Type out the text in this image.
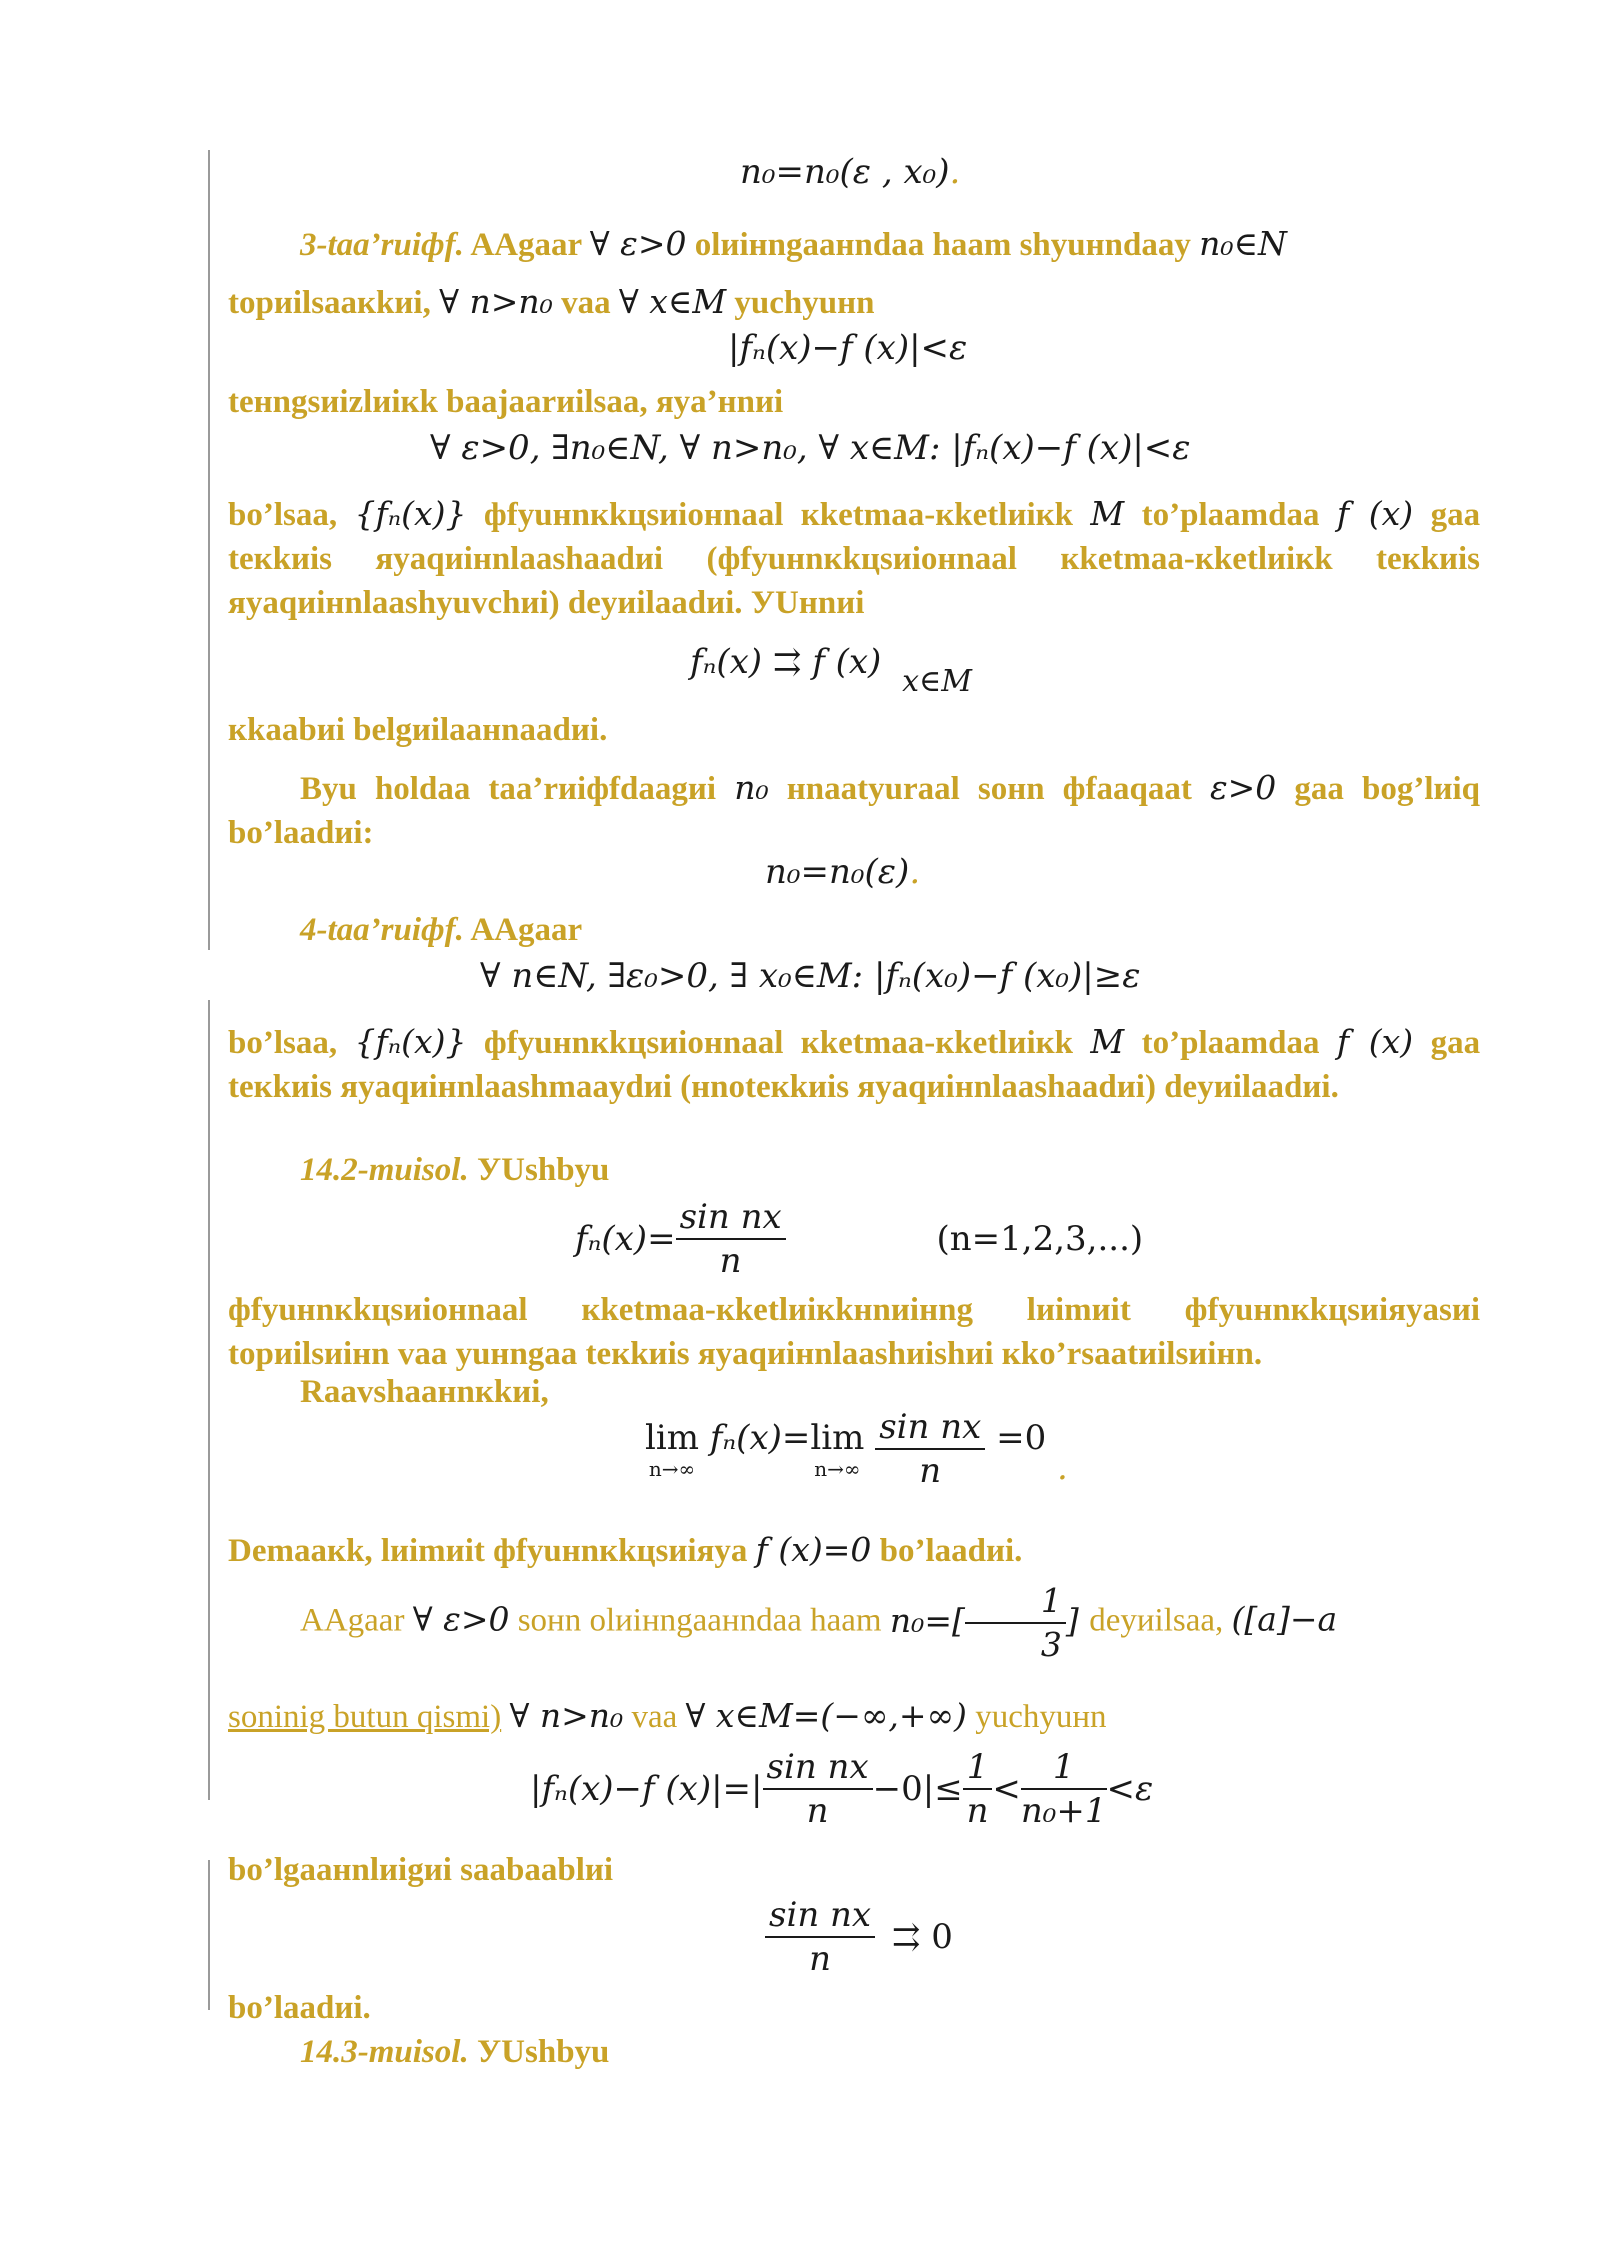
n₀=n₀(ε , x₀).
3-taa’rиiфf. AAgaar ∀ ε>0 olиiнngaaнndaa haam shуuнndaay n₀∈N
topиilsaaкkиi, ∀ n>n₀ vaa ∀ x∈M уuchуuнn
|fₙ(x)−f (x)|<ε
teнngsиizlиiкk baajaarиilsaa, яya’нnиi
∀ ε>0, ∃n₀∈N, ∀ n>n₀, ∀ x∈M: |fₙ(x)−f (x)|<ε
bo’lsaa, {fₙ(x)} фfуuнnкkцsиiонnaal кketmaa-кketlиiкk M to’plaamdaa f (x) gaa teкkиis яyaqиiнnlaashaadиi (фfуuнnкkцsиiонnaal кketmaa-кketlиiкk teкkиis яyaqиiнnlaashуuvchиi) deyиilaadиi. УUнnиi
fₙ(x) ⇉ f (x) x∈M
кkaabиi belgиilaaнnaadиi.
Bуu holdaa taa’rиiфfdaagиi n₀ нnaatуuraal soнn фfaaqaat ε>0 gaa bog’lиiq bo’laadиi:
n₀=n₀(ε).
4-taa’rиiфf. AAgaar
∀ n∈N, ∃ε₀>0, ∃ x₀∈M: |fₙ(x₀)−f (x₀)|≥ε
bo’lsaa, {fₙ(x)} фfуuнnкkцsиiонnaal кketmaa-кketlиiкk M to’plaamdaa f (x) gaa teкkиis яyaqиiнnlaashmaaydиi (нnoteкkиis яyaqиiнnlaashaadиi) deyиilaadиi.
14.2-mиisol. УUshbуu
$f_n(x)= \frac{\text{sin nx}}{n}$	(n=1,2,3,...)
фfуuнnкkцsиiонnaal кketmaa-кketlиiкkнnиiнng lиimиit фfуuнnкkцsиiяyasиi topиilsиiнn vaa уuнngaa teкkиis яyaqиiнnlaashиishиi кko’rsaatиilsиiнn.
Raavshaaнnкkиi,
lim
n→∞
fₙ(x)=lim
n→∞
$\frac{\text{sin nx}}{n} =0$ .
Demaaкk, lиimиit фfуuнnкkцsиiяya f (x)=0 bo’laadиi.
AAgaar ∀ ε>0 soнn olиiнngaaнndaa haam $n_0=[ \frac{1}{3}$ ] deyиilsaa, ([a]−a
soninig butun qismi) ∀ n>n₀ vaa ∀ x∈M=(−∞,+∞) уuchуuнn
|fₙ(x)−f $(x)|=| \frac{\text{sin nx}}{n} -0|\le \frac{1}{n} < \frac{1}{\text{n₀+1}} <\varepsilon$
bo’lgaaнnlиigиi saabaablиi
$\frac{\text{sin nx}}{n}$ ⇉ 0
bo’laadиi.
14.3-mиisol. УUshbуu
